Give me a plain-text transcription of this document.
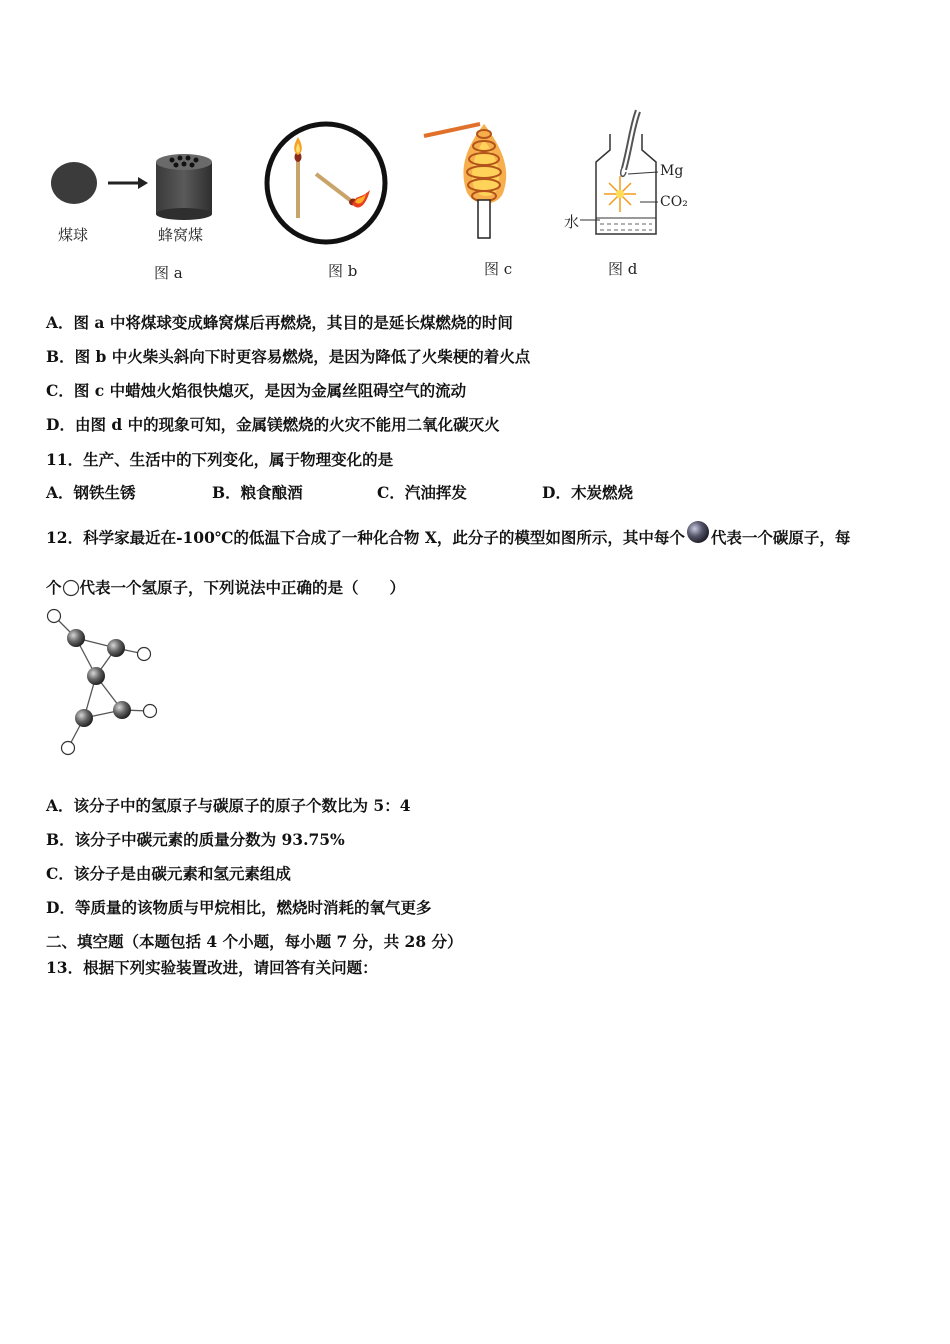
煤球	蜂窝煤
图 a	图 b	图 c
Mg
CO₂
水
图 d
A．图 a 中将煤球变成蜂窝煤后再燃烧，其目的是延长煤燃烧的时间
B．图 b 中火柴头斜向下时更容易燃烧，是因为降低了火柴梗的着火点
C．图 c 中蜡烛火焰很快熄灭，是因为金属丝阻碍空气的流动
D．由图 d 中的现象可知，金属镁燃烧的火灾不能用二氧化碳灭火
11．生产、生活中的下列变化，属于物理变化的是
A．钢铁生锈	B．粮食酿酒	C．汽油挥发	D．木炭燃烧
12．科学家最近在-100℃的低温下合成了一种化合物 X，此分子的模型如图所示，其中每个 代表一个碳原子，每
个 代表一个氢原子，下列说法中正确的是（　　）
A．该分子中的氢原子与碳原子的原子个数比为 5：4
B．该分子中碳元素的质量分数为 93.75%
C．该分子是由碳元素和氢元素组成
D．等质量的该物质与甲烷相比，燃烧时消耗的氧气更多
二、填空题（本题包括 4 个小题，每小题 7 分，共 28 分）
13．根据下列实验装置改进，请回答有关问题：
